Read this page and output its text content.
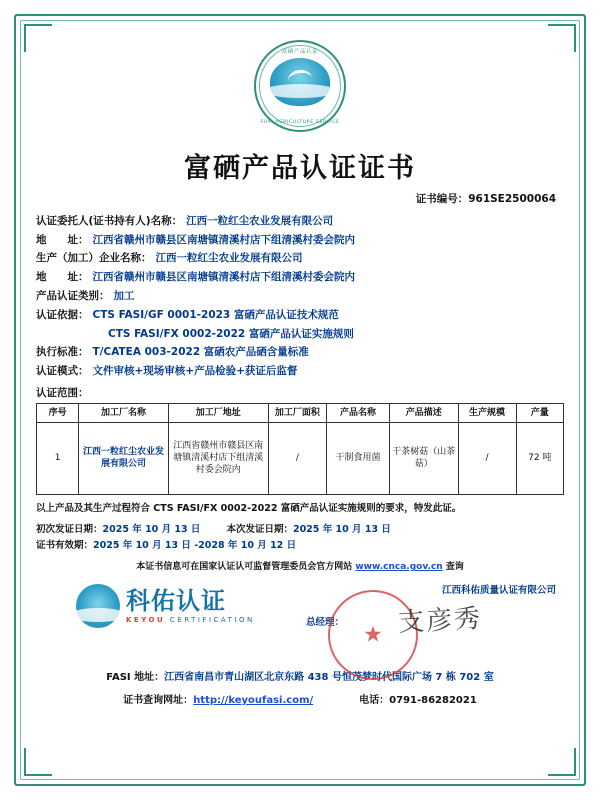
富硒产品认证
FUXI AGRICULTURE SERVICE
富硒产品认证证书
证书编号：961SE2500064
认证委托人(证书持有人)名称： 江西一粒红尘农业发展有限公司
地　　址： 江西省赣州市赣县区南塘镇清溪村店下组清溪村委会院内
生产（加工）企业名称： 江西一粒红尘农业发展有限公司
地　　址： 江西省赣州市赣县区南塘镇清溪村店下组清溪村委会院内
产品认证类别： 加工
认证依据： CTS FASI/GF 0001-2023 富硒产品认证技术规范
CTS FASI/FX 0002-2022 富硒产品认证实施规则
执行标准： T/CATEA 003-2022 富硒农产品硒含量标准
认证模式： 文件审核+现场审核+产品检验+获证后监督
认证范围：
序号	加工厂名称	加工厂地址	加工厂面积	产品名称	产品描述	生产规模	产量
1	江西一粒红尘农业发展有限公司	江西省赣州市赣县区南塘镇清溪村店下组清溪村委会院内	/	干制食用菌	干茶树菇（山茶菇）	/	72 吨
以上产品及其生产过程符合 CTS FASI/FX 0002-2022 富硒产品认证实施规则的要求，特发此证。
初次发证日期：2025 年 10 月 13 日	本次发证日期：2025 年 10 月 13 日
证书有效期：2025 年 10 月 13 日 -2028 年 10 月 12 日
本证书信息可在国家认证认可监督管理委员会官方网站 www.cnca.gov.cn 查询
科佑认证
KEYOU CERTIFICATION
江西科佑质量认证有限公司
总经理： ★ 支彦秀
FASI 地址：江西省南昌市青山湖区北京东路 438 号恒茂梦时代国际广场 7 栋 702 室
证书查询网址：http://keyoufasi.com/	电话：0791-86282021
